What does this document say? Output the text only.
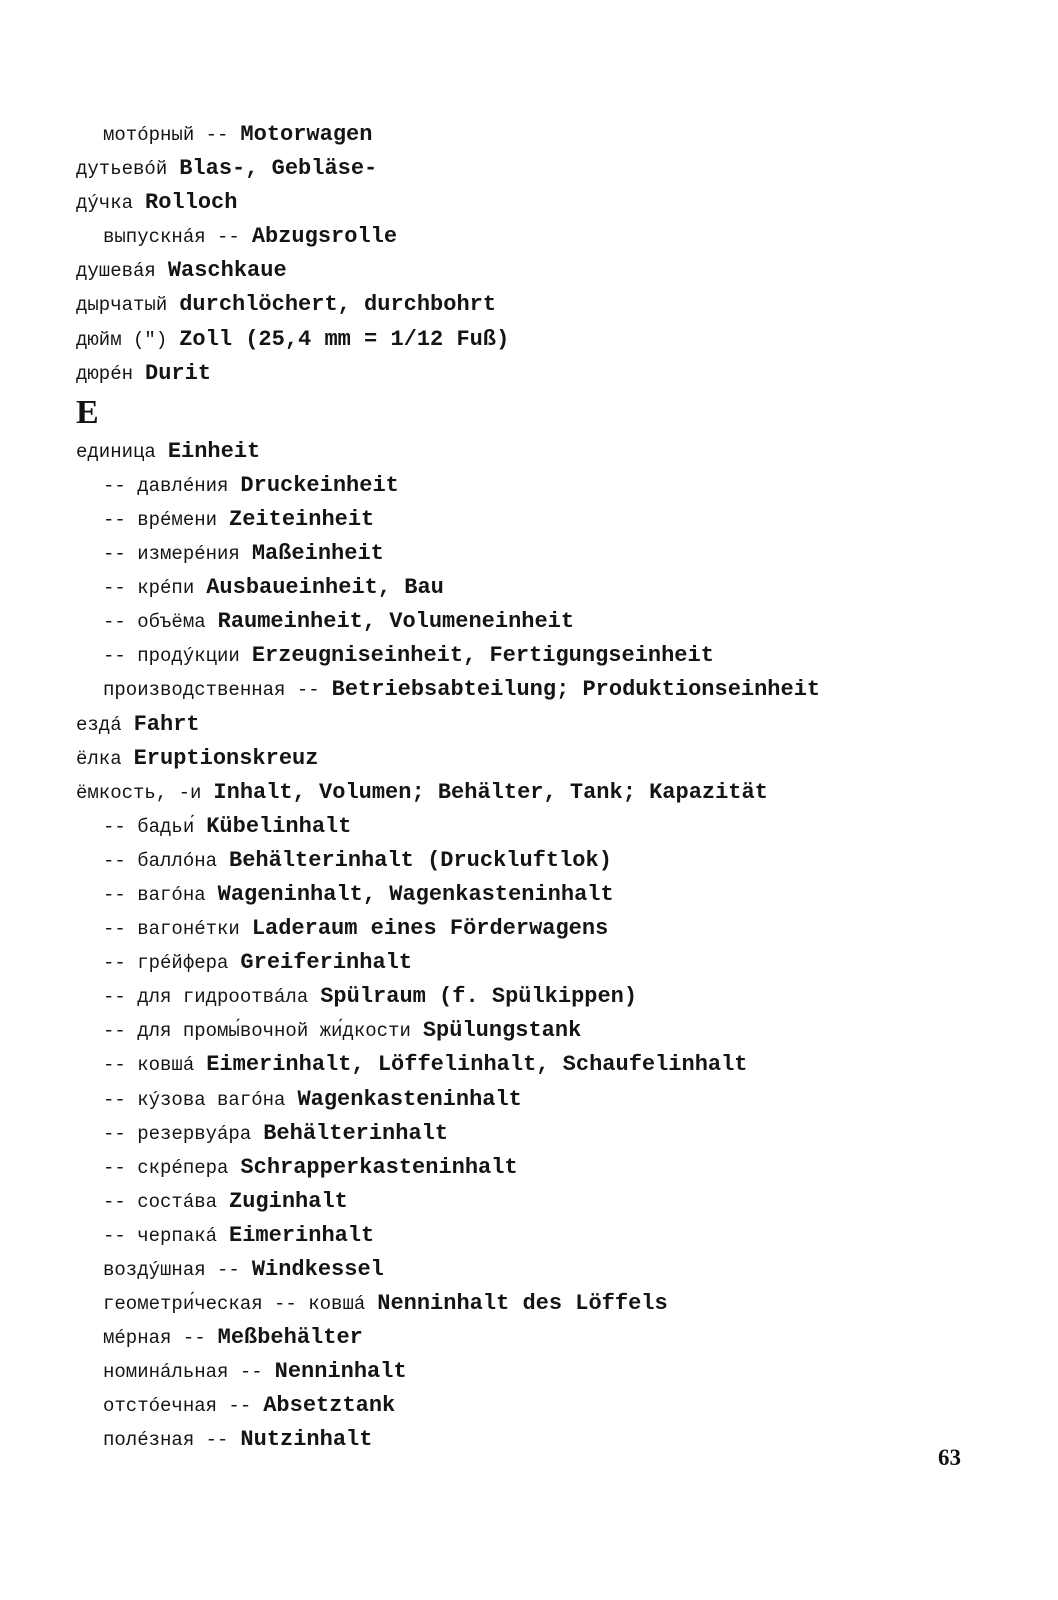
мотóрный -- Motorwagen
дутьевóй Blas-, Gebläse-
дýчка Rolloch
выпускнáя -- Abzugsrolle
душевáя Waschkaue
дырчатый durchlöchert, durchbohrt
дюйм (") Zoll (25,4 mm = 1/12 Fuß)
дюрéн Durit
E
единица Einheit
-- давлéния Druckeinheit
-- врéмени Zeiteinheit
-- измерéния Maßeinheit
-- крéпи Ausbaueinheit, Bau
-- объёма Raumeinheit, Volumeneinheit
-- продýкции Erzeugniseinheit, Fertigungseinheit
производственная -- Betriebsabteilung; Produktionseinheit
ездá Fahrt
ёлка Eruptionskreuz
ёмкость, -и Inhalt, Volumen; Behälter, Tank; Kapazität
-- бадьи́ Kübelinhalt
-- баллóна Behälterinhalt (Druckluftlok)
-- вагóна Wageninhalt, Wagenkasteninhalt
-- вагонéтки Laderaum eines Förderwagens
-- грéйфера Greiferinhalt
-- для гидроотвáла Spülraum (f. Spülkippen)
-- для промы́вочной жи́дкости Spülungstank
-- ковшá Eimerinhalt, Löffelinhalt, Schaufelinhalt
-- кýзова вагóна Wagenkasteninhalt
-- резервуáра Behälterinhalt
-- скрéпера Schrapperkasteninhalt
-- состáва Zuginhalt
-- черпакá Eimerinhalt
воздýшная -- Windkessel
геометри́ческая -- ковшá Nenninhalt des Löffels
мéрная -- Meßbehälter
номинáльная -- Nenninhalt
отстóечная -- Absetztank
полéзная -- Nutzinhalt
63
